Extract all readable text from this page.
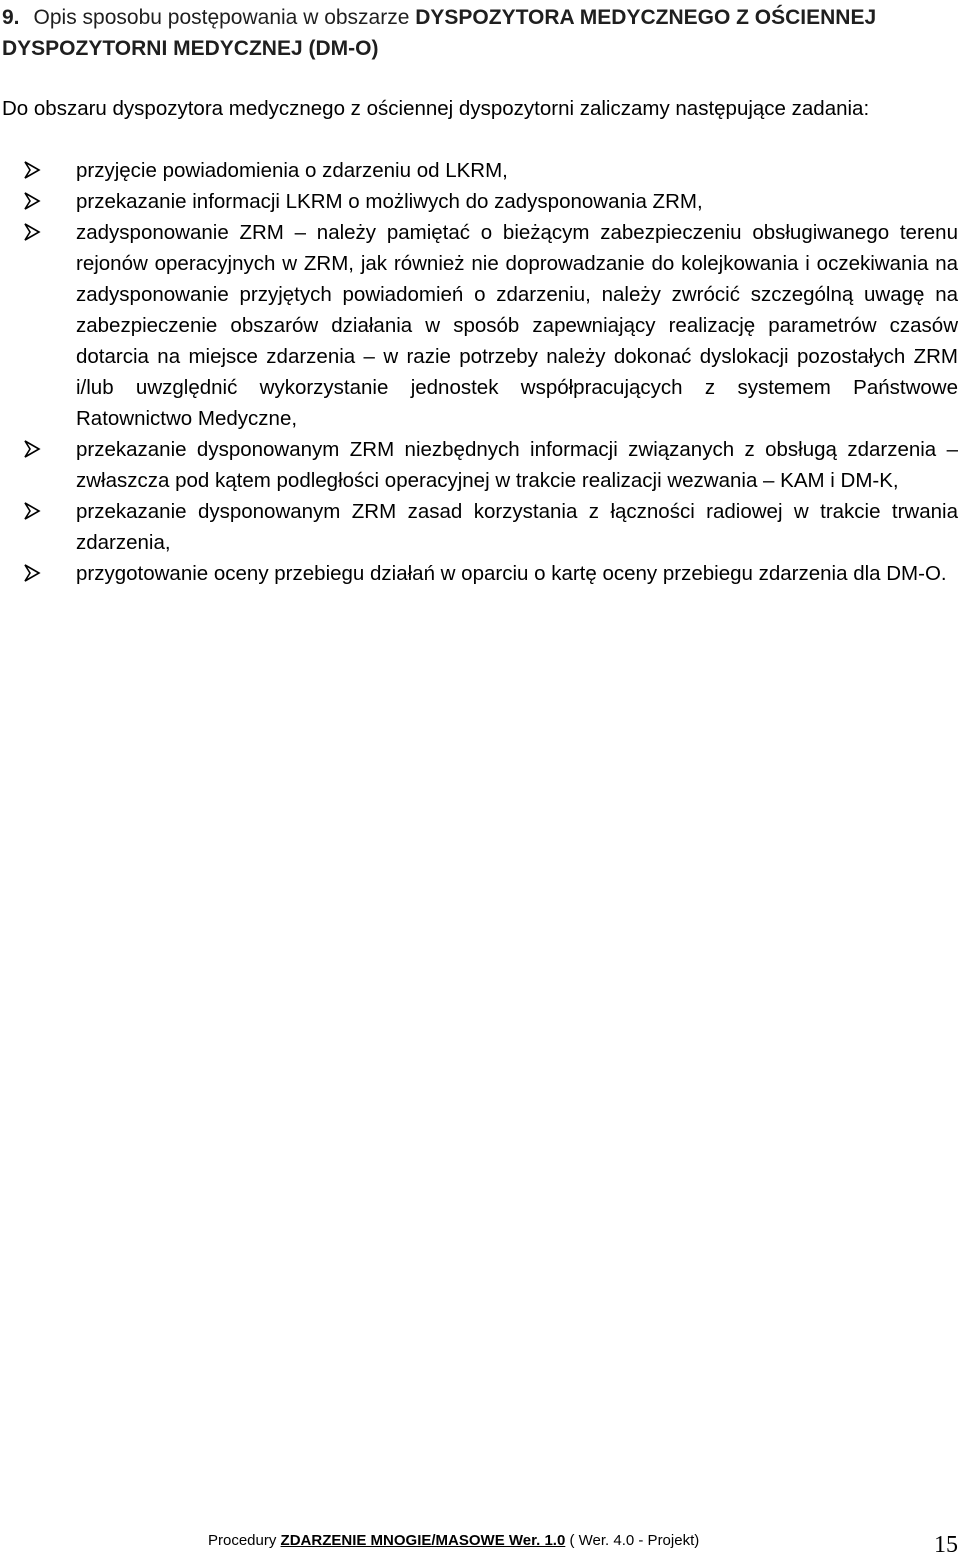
9. Opis sposobu postępowania w obszarze DYSPOZYTORA MEDYCZNEGO Z OŚCIENNEJ DYSPOZYTORNI MEDYCZNEJ (DM-O)
Do obszaru dyspozytora medycznego z ościennej dyspozytorni zaliczamy następujące zadania:
przyjęcie powiadomienia o zdarzeniu od LKRM,
przekazanie informacji LKRM o możliwych do zadysponowania ZRM,
zadysponowanie ZRM – należy pamiętać o bieżącym zabezpieczeniu obsługiwanego terenu rejonów operacyjnych w ZRM, jak również nie doprowadzanie do kolejkowania i oczekiwania na zadysponowanie przyjętych powiadomień o zdarzeniu, należy zwrócić szczególną uwagę na zabezpieczenie obszarów działania w sposób zapewniający realizację parametrów czasów dotarcia na miejsce zdarzenia – w razie potrzeby należy dokonać dyslokacji pozostałych ZRM i/lub uwzględnić wykorzystanie jednostek współpracujących z systemem Państwowe Ratownictwo Medyczne,
przekazanie dysponowanym ZRM niezbędnych informacji związanych z obsługą zdarzenia – zwłaszcza pod kątem podległości operacyjnej w trakcie realizacji wezwania – KAM i DM-K,
przekazanie dysponowanym ZRM zasad korzystania z łączności radiowej w trakcie trwania zdarzenia,
przygotowanie oceny przebiegu działań w oparciu o kartę oceny przebiegu zdarzenia dla DM-O.
Procedury ZDARZENIE MNOGIE/MASOWE Wer. 1.0 ( Wer. 4.0 - Projekt)	15
